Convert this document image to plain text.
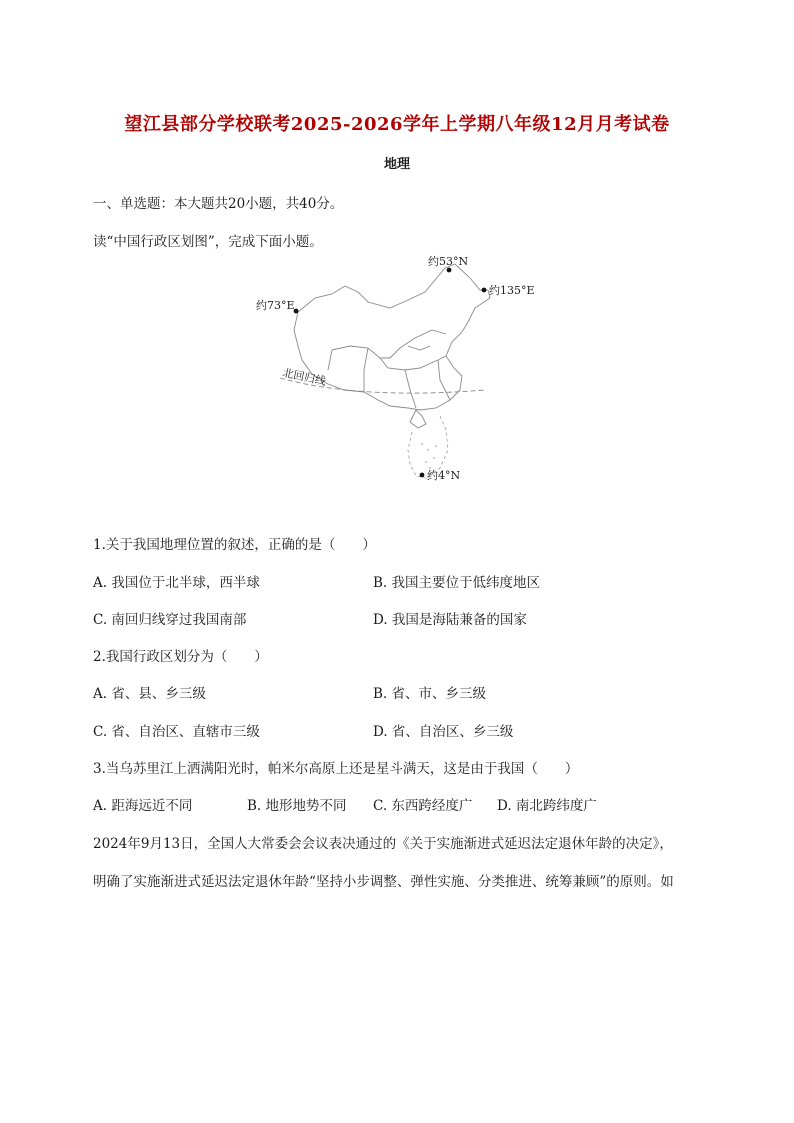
望江县部分学校联考2025-2026学年上学期八年级12月月考试卷
地理
一、单选题：本大题共20小题，共40分。
读“中国行政区划图”，完成下面小题。
约53°N
约135°E
约73°E
约4°N
北回归线
1.关于我国地理位置的叙述，正确的是（　　）
A. 我国位于北半球，西半球	B. 我国主要位于低纬度地区
C. 南回归线穿过我国南部	D. 我国是海陆兼备的国家
2.我国行政区划分为（　　）
A. 省、县、乡三级	B. 省、市、乡三级
C. 省、自治区、直辖市三级	D. 省、自治区、乡三级
3.当乌苏里江上洒满阳光时，帕米尔高原上还是星斗满天，这是由于我国（　　）
A. 距海远近不同	B. 地形地势不同 C. 东西跨经度广 D. 南北跨纬度广
2024年9月13日，全国人大常委会会议表决通过的《关于实施渐进式延迟法定退休年龄的决定》，
明确了实施渐进式延迟法定退休年龄“坚持小步调整、弹性实施、分类推进、统筹兼顾”的原则。如
